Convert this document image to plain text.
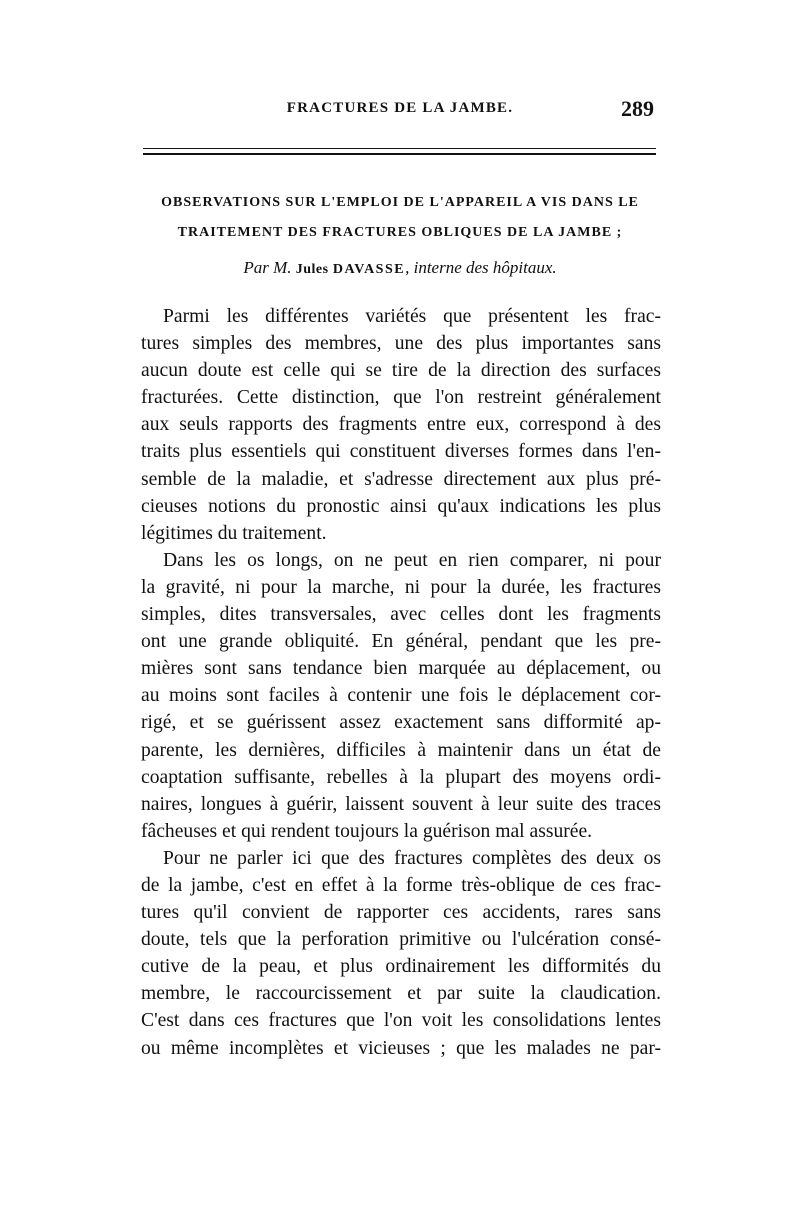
FRACTURES DE LA JAMBE.	289
OBSERVATIONS SUR L'EMPLOI DE L'APPAREIL A VIS DANS LE
TRAITEMENT DES FRACTURES OBLIQUES DE LA JAMBE ;
Par M. Jules DAVASSE, interne des hôpitaux.
Parmi les différentes variétés que présentent les frac-
tures simples des membres, une des plus importantes sans
aucun doute est celle qui se tire de la direction des surfaces
fracturées. Cette distinction, que l'on restreint généralement
aux seuls rapports des fragments entre eux, correspond à des
traits plus essentiels qui constituent diverses formes dans l'en-
semble de la maladie, et s'adresse directement aux plus pré-
cieuses notions du pronostic ainsi qu'aux indications les plus
légitimes du traitement.
Dans les os longs, on ne peut en rien comparer, ni pour
la gravité, ni pour la marche, ni pour la durée, les fractures
simples, dites transversales, avec celles dont les fragments
ont une grande obliquité. En général, pendant que les pre-
mières sont sans tendance bien marquée au déplacement, ou
au moins sont faciles à contenir une fois le déplacement cor-
rigé, et se guérissent assez exactement sans difformité ap-
parente, les dernières, difficiles à maintenir dans un état de
coaptation suffisante, rebelles à la plupart des moyens ordi-
naires, longues à guérir, laissent souvent à leur suite des traces
fâcheuses et qui rendent toujours la guérison mal assurée.
Pour ne parler ici que des fractures complètes des deux os
de la jambe, c'est en effet à la forme très-oblique de ces frac-
tures qu'il convient de rapporter ces accidents, rares sans
doute, tels que la perforation primitive ou l'ulcération consé-
cutive de la peau, et plus ordinairement les difformités du
membre, le raccourcissement et par suite la claudication.
C'est dans ces fractures que l'on voit les consolidations lentes
ou même incomplètes et vicieuses ; que les malades ne par-
